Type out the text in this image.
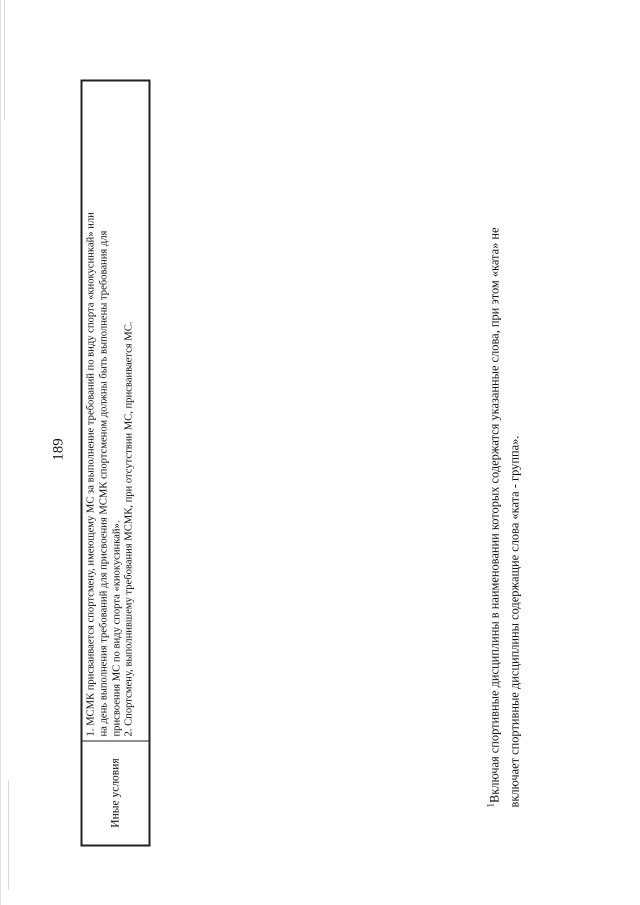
189
Иные условия
1. МСМК присваивается спортсмену, имеющему МС за выполнение требований по виду спорта «киокусинкай» или на день выполнения требований для присвоения МСМК спортсменом должны быть выполнены требования для присвоения МС по виду спорта «киокусинкай». 2. Спортсмену, выполнившему требования МСМК, при отсутствии МС, присваивается МС.
$^1$Включая спортивные дисциплины в наименовании которых содержатся указанные слова, при этом «ката» не включает спортивные дисциплины содержащие слова «ката - группа».
